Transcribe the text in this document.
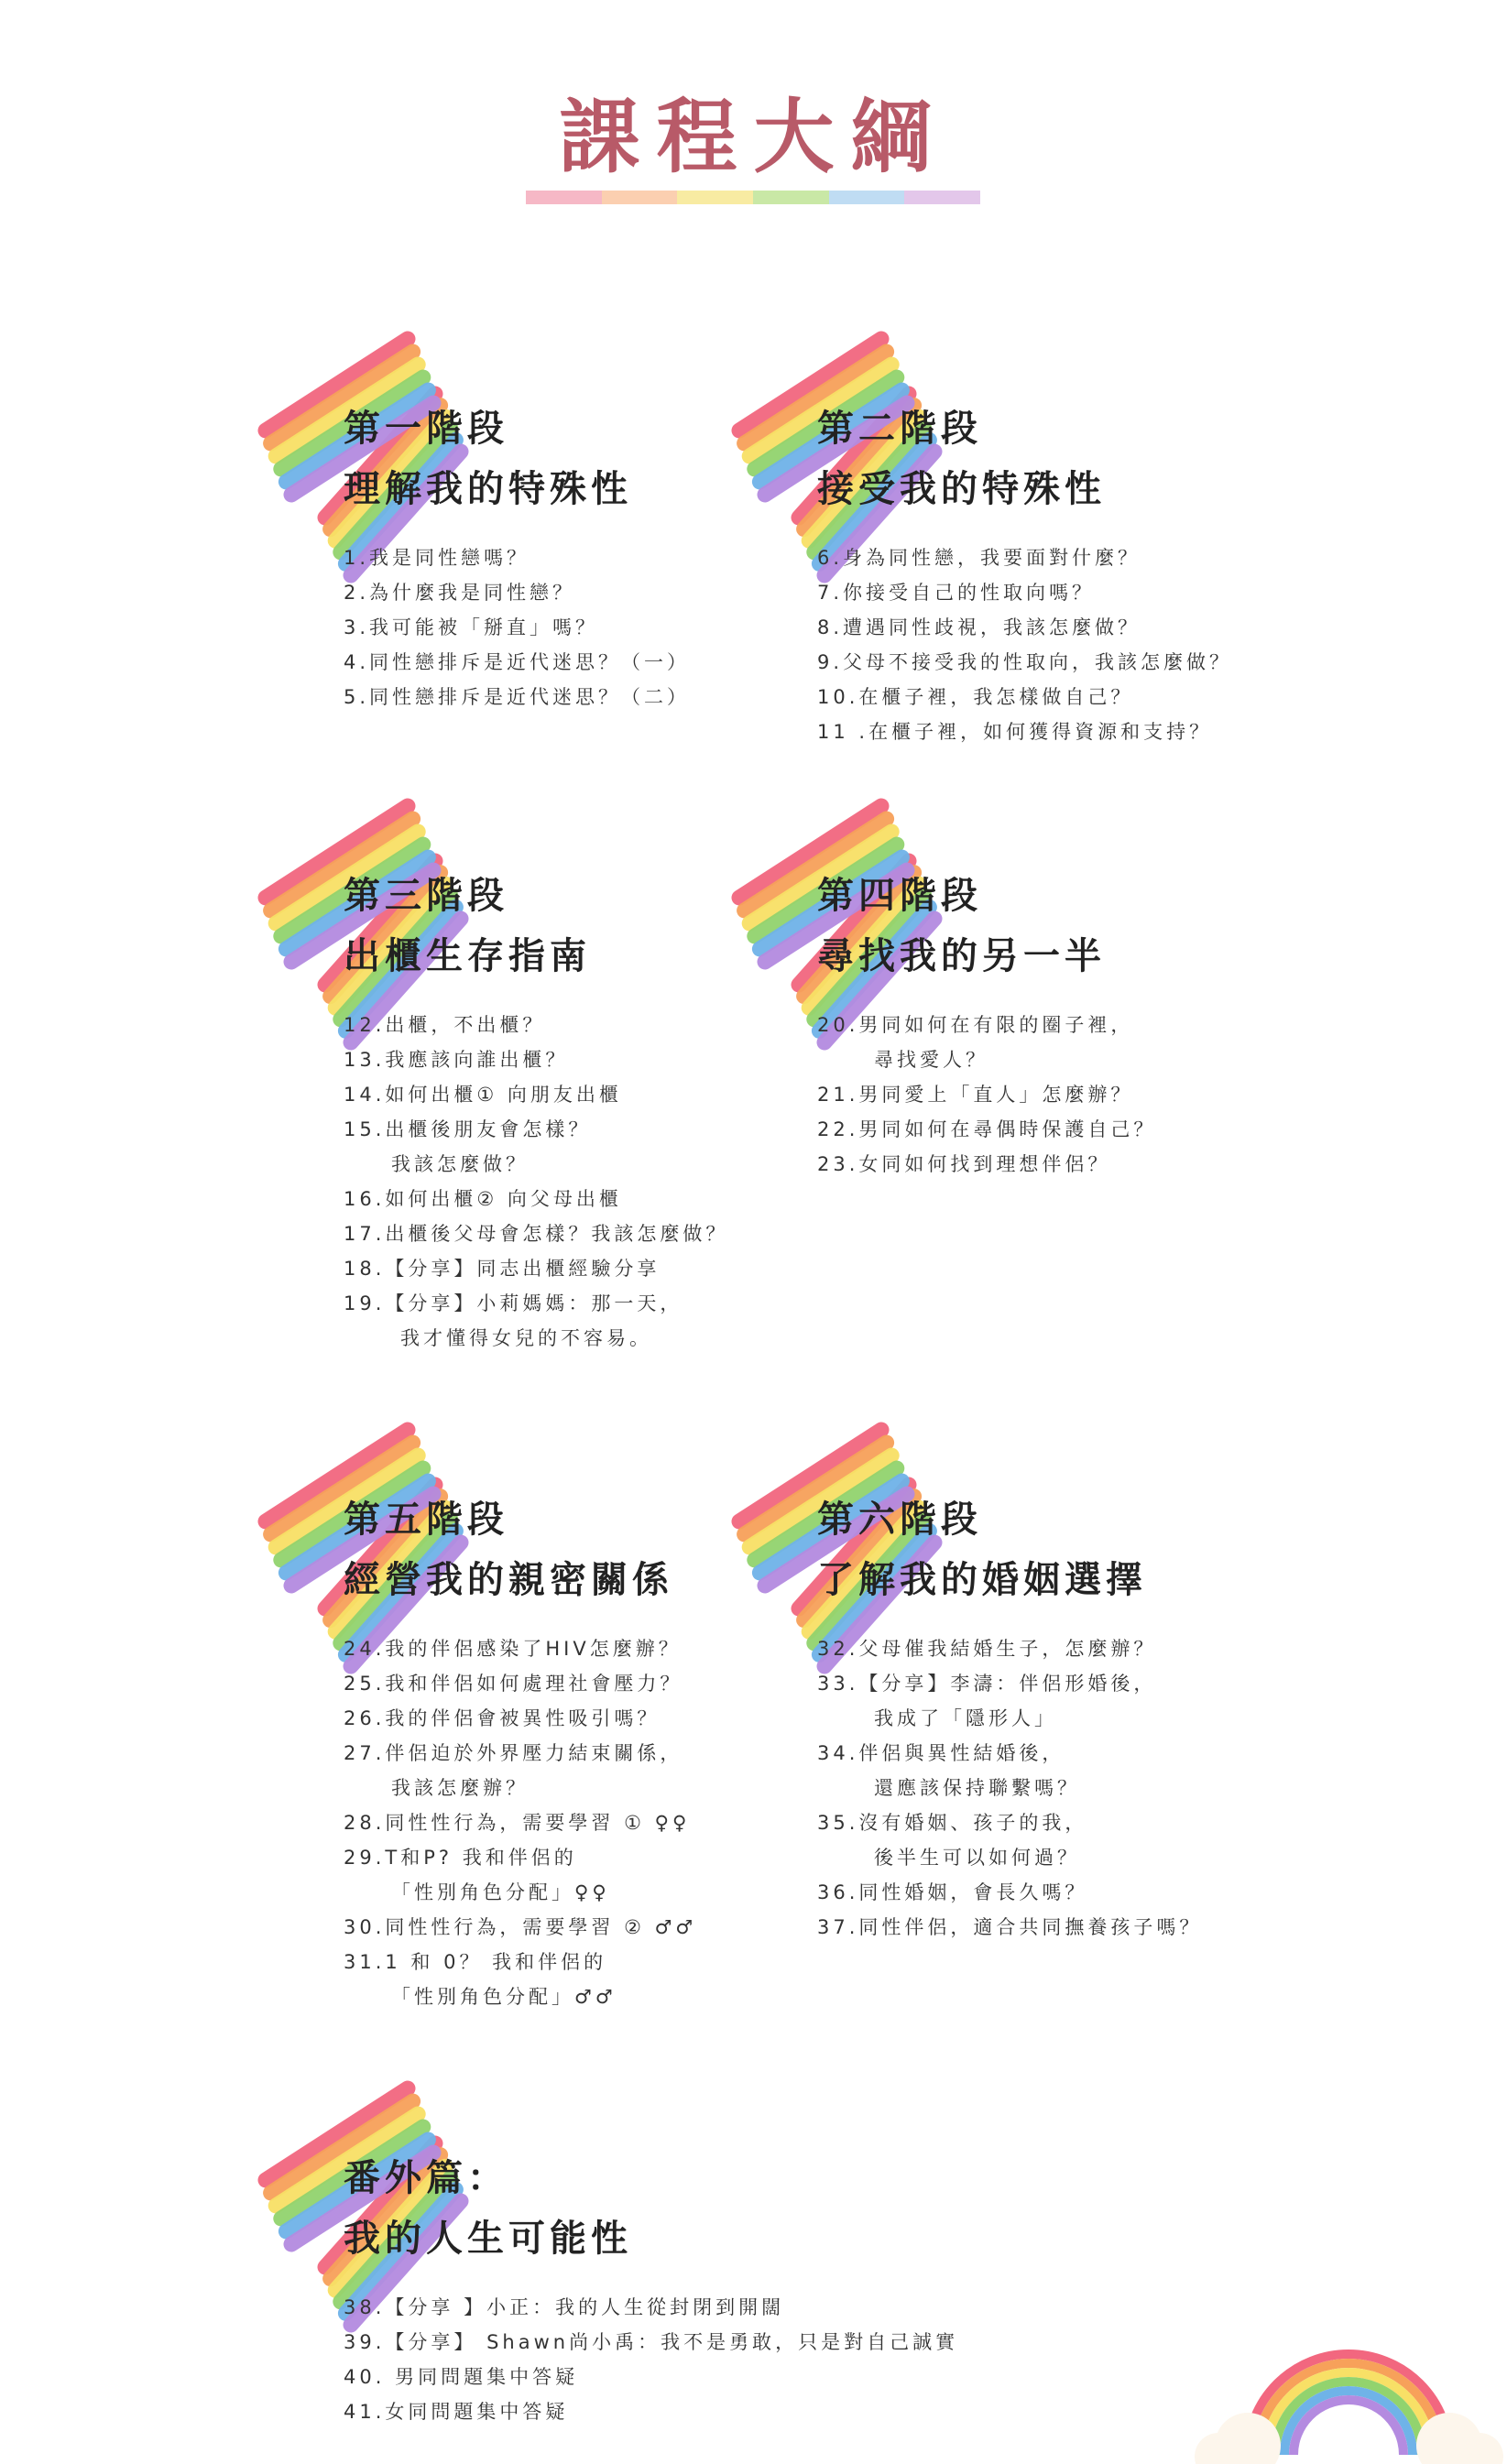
課程大綱
第一階段
理解我的特殊性
1.我是同性戀嗎？
2.為什麼我是同性戀？
3.我可能被「掰直」嗎？
4.同性戀排斥是近代迷思？（一）
5.同性戀排斥是近代迷思？（二）
第二階段
接受我的特殊性
6.身為同性戀，我要面對什麼？
7.你接受自己的性取向嗎？
8.遭遇同性歧視，我該怎麼做？
9.父母不接受我的性取向，我該怎麼做？
10.在櫃子裡，我怎樣做自己？
11 .在櫃子裡，如何獲得資源和支持？
第三階段
出櫃生存指南
12.出櫃，不出櫃？
13.我應該向誰出櫃？
14.如何出櫃① 向朋友出櫃
15.出櫃後朋友會怎樣？
我該怎麼做？
16.如何出櫃② 向父母出櫃
17.出櫃後父母會怎樣？我該怎麼做？
18.【分享】同志出櫃經驗分享
19.【分享】小莉媽媽：那一天，
我才懂得女兒的不容易。
第四階段
尋找我的另一半
20.男同如何在有限的圈子裡，
尋找愛人？
21.男同愛上「直人」怎麼辦？
22.男同如何在尋偶時保護自己？
23.女同如何找到理想伴侶？
第五階段
經營我的親密關係
24.我的伴侶感染了HIV怎麼辦？
25.我和伴侶如何處理社會壓力？
26.我的伴侶會被異性吸引嗎？
27.伴侶迫於外界壓力結束關係，
我該怎麼辦？
28.同性性行為，需要學習 ① ♀♀
29.T和P? 我和伴侶的
「性別角色分配」♀♀
30.同性性行為，需要學習 ② ♂♂
31.1 和 0？ 我和伴侶的
「性別角色分配」♂♂
第六階段
了解我的婚姻選擇
32.父母催我結婚生子，怎麼辦？
33.【分享】李濤：伴侶形婚後，
我成了「隱形人」
34.伴侶與異性結婚後，
還應該保持聯繫嗎？
35.沒有婚姻、孩子的我，
後半生可以如何過？
36.同性婚姻，會長久嗎？
37.同性伴侶，適合共同撫養孩子嗎？
番外篇：
我的人生可能性
38.【分享 】小正：我的人生從封閉到開闊
39.【分享】 Shawn尚小禹：我不是勇敢，只是對自己誠實
40. 男同問題集中答疑
41.女同問題集中答疑
